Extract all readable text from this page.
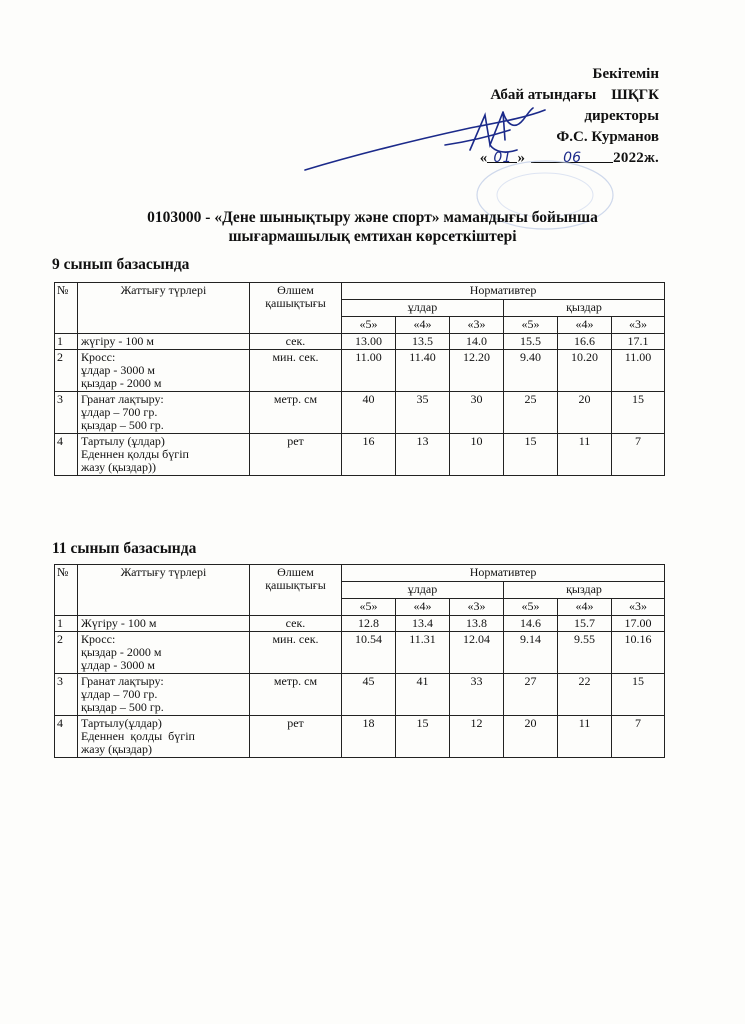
Бекітемін
Абай атындағы    ШҚГК
директоры
Ф.С. Курманов
« 01 »	06 2022ж.
0103000 - «Дене шынықтыру және спорт» мамандығы бойынша
шығармашылық емтихан көрсеткіштері
9 сынып базасында
№	Жаттығу түрлері	Өлшем қашықтығы	Нормативтер					
			ұлдар			қыздар		
			«5»	«4»	«3»	«5»	«4»	«3»
1	жүгіру - 100 м	сек.	13.00	13.5	14.0	15.5	16.6	17.1
2	Кросс:
ұлдар - 3000 м
қыздар - 2000 м	мин. сек.	11.00	11.40	12.20	9.40	10.20	11.00
3	Гранат лақтыру:
ұлдар – 700 гр.
қыздар – 500 гр.	метр. см	40	35	30	25	20	15
4	Тартылу (ұлдар)
Еденнен қолды бүгіп
жазу (қыздар))	рет	16	13	10	15	11	7
11 сынып базасында
№	Жаттығу түрлері	Өлшем қашықтығы	Нормативтер					
			ұлдар			қыздар		
			«5»	«4»	«3»	«5»	«4»	«3»
1	Жүгіру - 100 м	сек.	12.8	13.4	13.8	14.6	15.7	17.00
2	Кросс:
қыздар - 2000 м
ұлдар - 3000 м	мин. сек.	10.54	11.31	12.04	9.14	9.55	10.16
3	Гранат лақтыру:
ұлдар – 700 гр.
қыздар – 500 гр.	метр. см	45	41	33	27	22	15
4	Тартылу(ұлдар)
Еденнен  қолды  бүгіп
жазу (қыздар)	рет	18	15	12	20	11	7
